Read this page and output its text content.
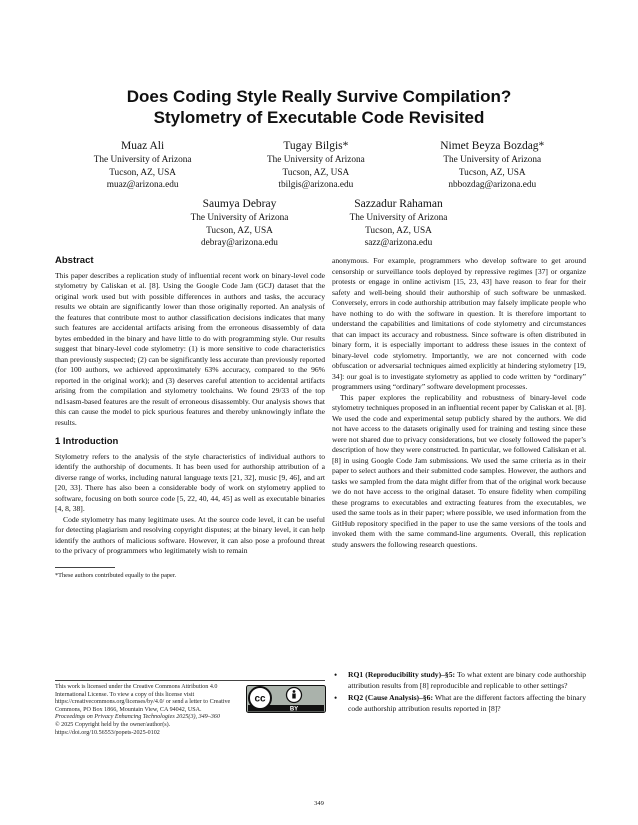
Does Coding Style Really Survive Compilation?
Stylometry of Executable Code Revisited
Muaz Ali
The University of Arizona
Tucson, AZ, USA
muaz@arizona.edu
Tugay Bilgis*
The University of Arizona
Tucson, AZ, USA
tbilgis@arizona.edu
Nimet Beyza Bozdag*
The University of Arizona
Tucson, AZ, USA
nbbozdag@arizona.edu
Saumya Debray
The University of Arizona
Tucson, AZ, USA
debray@arizona.edu
Sazzadur Rahaman
The University of Arizona
Tucson, AZ, USA
sazz@arizona.edu
Abstract

This paper describes a replication study of influential recent work on binary-level code stylometry by Caliskan et al. [8]. Using the Google Code Jam (GCJ) dataset that the original work used but with possible differences in authors and tasks, the accuracy results we obtain are significantly lower than those originally reported. An analysis of the features that contribute most to author classification decisions indicates that many such features are accidental artifacts arising from the erroneous disassembly of data bytes embedded in the binary and have little to do with programming style. Our results suggest that binary-level code stylometry: (1) is more sensitive to code characteristics than previously suspected; (2) can be significantly less accurate than previously reported (for 100 authors, we achieved approximately 63% accuracy, compared to the 96% reported in the original work); and (3) deserves careful attention to accidental artifacts arising from the compilation and stylometry toolchains. We found 29/33 of the top nd1sasm-based features are the result of erroneous disassembly. Our analysis shows that this can cause the model to pick spurious features and thereby unknowingly inflate the results.

1 Introduction

Stylometry refers to the analysis of the style characteristics of individual authors to identify the authorship of documents. It has been used for authorship attribution of a diverse range of works, including natural language texts [21, 32], music [9, 46], and art [20, 33]. There has also been a considerable body of work on stylometry applied to software, focusing on both source code [5, 22, 40, 44, 45] as well as executable binaries [4, 8, 38].

Code stylometry has many legitimate uses. At the source code level, it can be useful for detecting plagiarism and resolving copyright disputes; at the binary level, it can help identify the authors of malicious software. However, it can also pose a profound threat to the privacy of programmers who legitimately wish to remain

*These authors contributed equally to the paper.
This work is licensed under the Creative Commons Attribution 4.0 International License. To view a copy of this license visit https://creativecommons.org/licenses/by/4.0/ or send a letter to Creative Commons, PO Box 1866, Mountain View, CA 94042, USA.
Proceedings on Privacy Enhancing Technologies 2025(3), 349–360
© 2025 Copyright held by the owner/author(s).
https://doi.org/10.56553/popets-2025-0102
cc
BY

anonymous. For example, programmers who develop software to get around censorship or surveillance tools deployed by repressive regimes [37] or organize protests or engage in online activism [15, 23, 43] have reason to fear for their safety and well-being should their authorship of such software be unmasked. Conversely, errors in code authorship attribution may falsely implicate people who have nothing to do with the software in question. It is therefore important to understand the capabilities and limitations of code stylometry and circumstances that can impact its accuracy and robustness. Since software is often distributed in binary form, it is especially important to address these issues in the context of binary-level code stylometry. Importantly, we are not concerned with code obfuscation or adversarial techniques aimed explicitly at hindering stylometry [19, 34]: our goal is to investigate stylometry as applied to code written by “ordinary” programmers using “ordinary” software development processes.

This paper explores the replicability and robustness of binary-level code stylometry techniques proposed in an influential recent paper by Caliskan et al. [8]. We used the code and experimental setup publicly shared by the authors. We did not have access to the datasets originally used for training and testing since these were not shared due to privacy considerations, but we closely followed the paper’s description of how they were constructed. In particular, we followed Caliskan et al. [8] in using Google Code Jam submissions. We used the same criteria as in their paper to select authors and their submitted code samples. However, the authors and tasks we sampled from the data might differ from that of the original work because we do not have access to the original dataset. To ensure fidelity when compiling these programs to executables and extracting features from the executables, we used the same tools as in their paper; where possible, we used information from the GitHub repository specified in the paper to use the same versions of the tools and invoked them with the same command-line arguments. Overall, this replication study answers the following research questions.

•	RQ1 (Reproducibility study)–§5: To what extent are binary code authorship attribution results from [8] reproducible and replicable to other settings?
•	RQ2 (Cause Analysis)–§6: What are the different factors affecting the binary code authorship attribution results reported in [8]?
349
